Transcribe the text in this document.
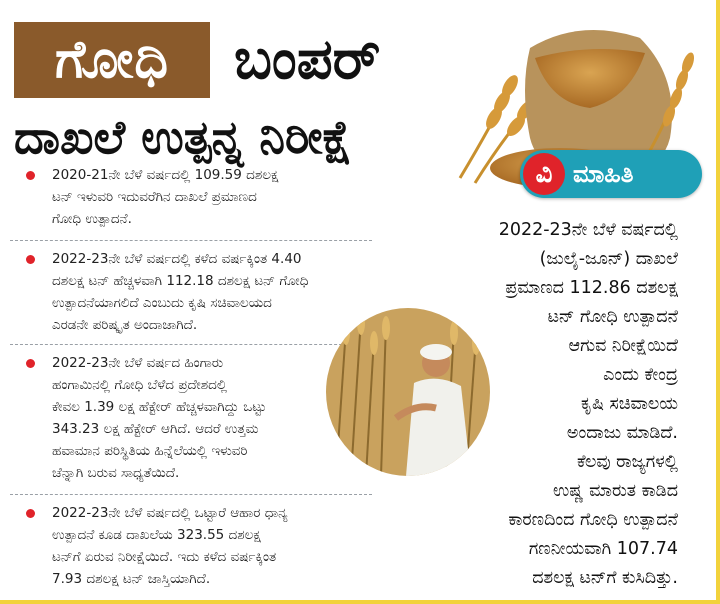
ಗೋಧಿ ಬಂಪರ್
ದಾಖಲೆ ಉತ್ಪನ್ನ ನಿರೀಕ್ಷೆ
ವಿ ಮಾಹಿತಿ
2020-21ನೇ ಬೆಳೆ ವರ್ಷದಲ್ಲಿ 109.59 ದಶಲಕ್ಷ
ಟನ್ ಇಳುವರಿ ಇದುವರೆಗಿನ ದಾಖಲೆ ಪ್ರಮಾಣದ
ಗೋಧಿ ಉತ್ಪಾದನೆ.
2022-23ನೇ ಬೆಳೆ ವರ್ಷದಲ್ಲಿ ಕಳೆದ ವರ್ಷಕ್ಕಿಂತ 4.40
ದಶಲಕ್ಷ ಟನ್ ಹೆಚ್ಚಳವಾಗಿ 112.18 ದಶಲಕ್ಷ ಟನ್ ಗೋಧಿ
ಉತ್ಪಾದನೆಯಾಗಲಿದೆ ಎಂಬುದು ಕೃಷಿ ಸಚಿವಾಲಯದ
ಎರಡನೇ ಪರಿಷ್ಕೃತ ಅಂದಾಜಾಗಿದೆ.
2022-23ನೇ ಬೆಳೆ ವರ್ಷದ ಹಿಂಗಾರು
ಹಂಗಾಮಿನಲ್ಲಿ ಗೋಧಿ ಬೆಳೆದ ಪ್ರದೇಶದಲ್ಲಿ
ಕೇವಲ 1.39 ಲಕ್ಷ ಹೆಕ್ಟೇರ್ ಹೆಚ್ಚಳವಾಗಿದ್ದು ಒಟ್ಟು
343.23 ಲಕ್ಷ ಹೆಕ್ಟೇರ್ ಆಗಿದೆ. ಆದರೆ ಉತ್ತಮ
ಹವಾಮಾನ ಪರಿಸ್ಥಿತಿಯ ಹಿನ್ನೆಲೆಯಲ್ಲಿ ಇಳುವರಿ
ಚೆನ್ನಾಗಿ ಬರುವ ಸಾಧ್ಯತೆಯಿದೆ.
2022-23ನೇ ಬೆಳೆ ವರ್ಷದಲ್ಲಿ ಒಟ್ಟಾರೆ ಆಹಾರ ಧಾನ್ಯ
ಉತ್ಪಾದನೆ ಕೂಡ ದಾಖಲೆಯ 323.55 ದಶಲಕ್ಷ
ಟನ್‌ಗೆ ಏರುವ ನಿರೀಕ್ಷೆಯಿದೆ. ಇದು ಕಳೆದ ವರ್ಷಕ್ಕಿಂತ
7.93 ದಶಲಕ್ಷ ಟನ್ ಜಾಸ್ತಿಯಾಗಿದೆ.
2022-23ನೇ ಬೆಳೆ ವರ್ಷದಲ್ಲಿ
(ಜುಲೈ-ಜೂನ್) ದಾಖಲೆ
ಪ್ರಮಾಣದ 112.86 ದಶಲಕ್ಷ
ಟನ್ ಗೋಧಿ ಉತ್ಪಾದನೆ
ಆಗುವ ನಿರೀಕ್ಷೆಯಿದೆ
ಎಂದು ಕೇಂದ್ರ
ಕೃಷಿ ಸಚಿವಾಲಯ
ಅಂದಾಜು ಮಾಡಿದೆ.
ಕೆಲವು ರಾಜ್ಯಗಳಲ್ಲಿ
ಉಷ್ಣ ಮಾರುತ ಕಾಡಿದ
ಕಾರಣದಿಂದ ಗೋಧಿ ಉತ್ಪಾದನೆ
ಗಣನೀಯವಾಗಿ 107.74
ದಶಲಕ್ಷ ಟನ್‌ಗೆ ಕುಸಿದಿತ್ತು.
